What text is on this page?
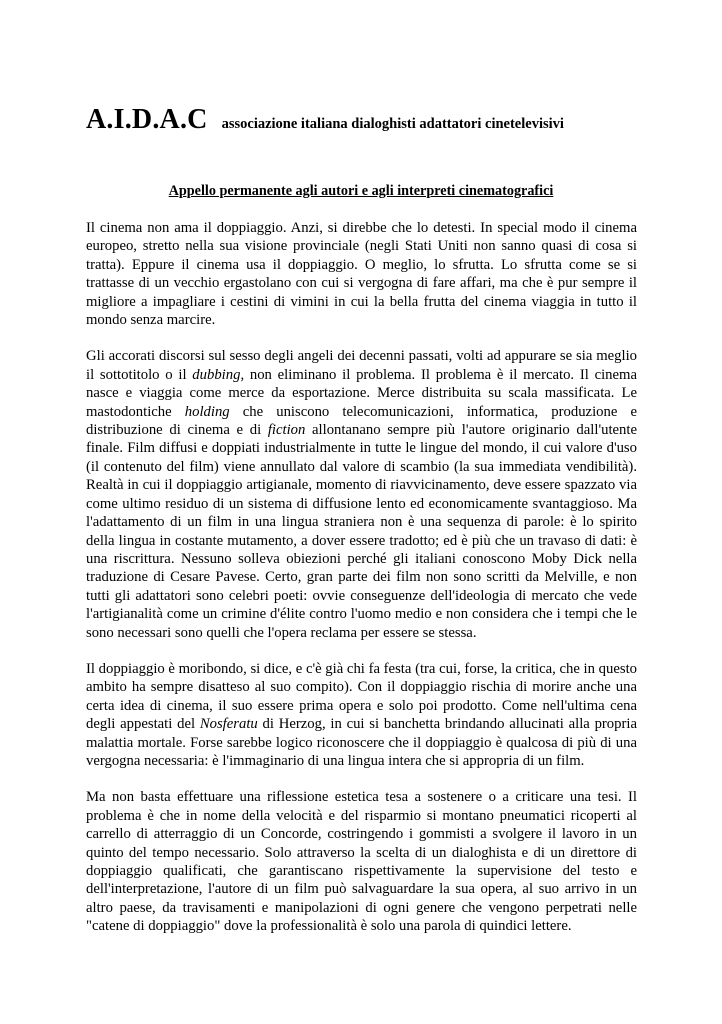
A.I.D.A.C associazione italiana dialoghisti adattatori cinetelevisivi
Appello permanente agli autori e agli interpreti cinematografici

Il cinema non ama il doppiaggio. Anzi, si direbbe che lo detesti. In special modo il cinema europeo, stretto nella sua visione provinciale (negli Stati Uniti non sanno quasi di cosa si tratta). Eppure il cinema usa il doppiaggio. O meglio, lo sfrutta. Lo sfrutta come se si trattasse di un vecchio ergastolano con cui si vergogna di fare affari, ma che è pur sempre il migliore a impagliare i cestini di vimini in cui la bella frutta del cinema viaggia in tutto il mondo senza marcire.

Gli accorati discorsi sul sesso degli angeli dei decenni passati, volti ad appurare se sia meglio il sottotitolo o il dubbing, non eliminano il problema. Il problema è il mercato. Il cinema nasce e viaggia come merce da esportazione. Merce distribuita su scala massificata. Le mastodontiche holding che uniscono telecomunicazioni, informatica, produzione e distribuzione di cinema e di fiction allontanano sempre più l'autore originario dall'utente finale. Film diffusi e doppiati industrialmente in tutte le lingue del mondo, il cui valore d'uso (il contenuto del film) viene annullato dal valore di scambio (la sua immediata vendibilità). Realtà in cui il doppiaggio artigianale, momento di riavvicinamento, deve essere spazzato via come ultimo residuo di un sistema di diffusione lento ed economicamente svantaggioso. Ma l'adattamento di un film in una lingua straniera non è una sequenza di parole: è lo spirito della lingua in costante mutamento, a dover essere tradotto; ed è più che un travaso di dati: è una riscrittura. Nessuno solleva obiezioni perché gli italiani conoscono Moby Dick nella traduzione di Cesare Pavese. Certo, gran parte dei film non sono scritti da Melville, e non tutti gli adattatori sono celebri poeti: ovvie conseguenze dell'ideologia di mercato che vede l'artigianalità come un crimine d'élite contro l'uomo medio e non considera che i tempi che le sono necessari sono quelli che l'opera reclama per essere se stessa.

Il doppiaggio è moribondo, si dice, e c'è già chi fa festa (tra cui, forse, la critica, che in questo ambito ha sempre disatteso al suo compito). Con il doppiaggio rischia di morire anche una certa idea di cinema, il suo essere prima opera e solo poi prodotto. Come nell'ultima cena degli appestati del Nosferatu di Herzog, in cui si banchetta brindando allucinati alla propria malattia mortale. Forse sarebbe logico riconoscere che il doppiaggio è qualcosa di più di una vergogna necessaria: è l'immaginario di una lingua intera che si appropria di un film.

Ma non basta effettuare una riflessione estetica tesa a sostenere o a criticare una tesi. Il problema è che in nome della velocità e del risparmio si montano pneumatici ricoperti al carrello di atterraggio di un Concorde, costringendo i gommisti a svolgere il lavoro in un quinto del tempo necessario. Solo attraverso la scelta di un dialoghista e di un direttore di doppiaggio qualificati, che garantiscano rispettivamente la supervisione del testo e dell'interpretazione, l'autore di un film può salvaguardare la sua opera, al suo arrivo in un altro paese, da travisamenti e manipolazioni di ogni genere che vengono perpetrati nelle "catene di doppiaggio" dove la professionalità è solo una parola di quindici lettere.
